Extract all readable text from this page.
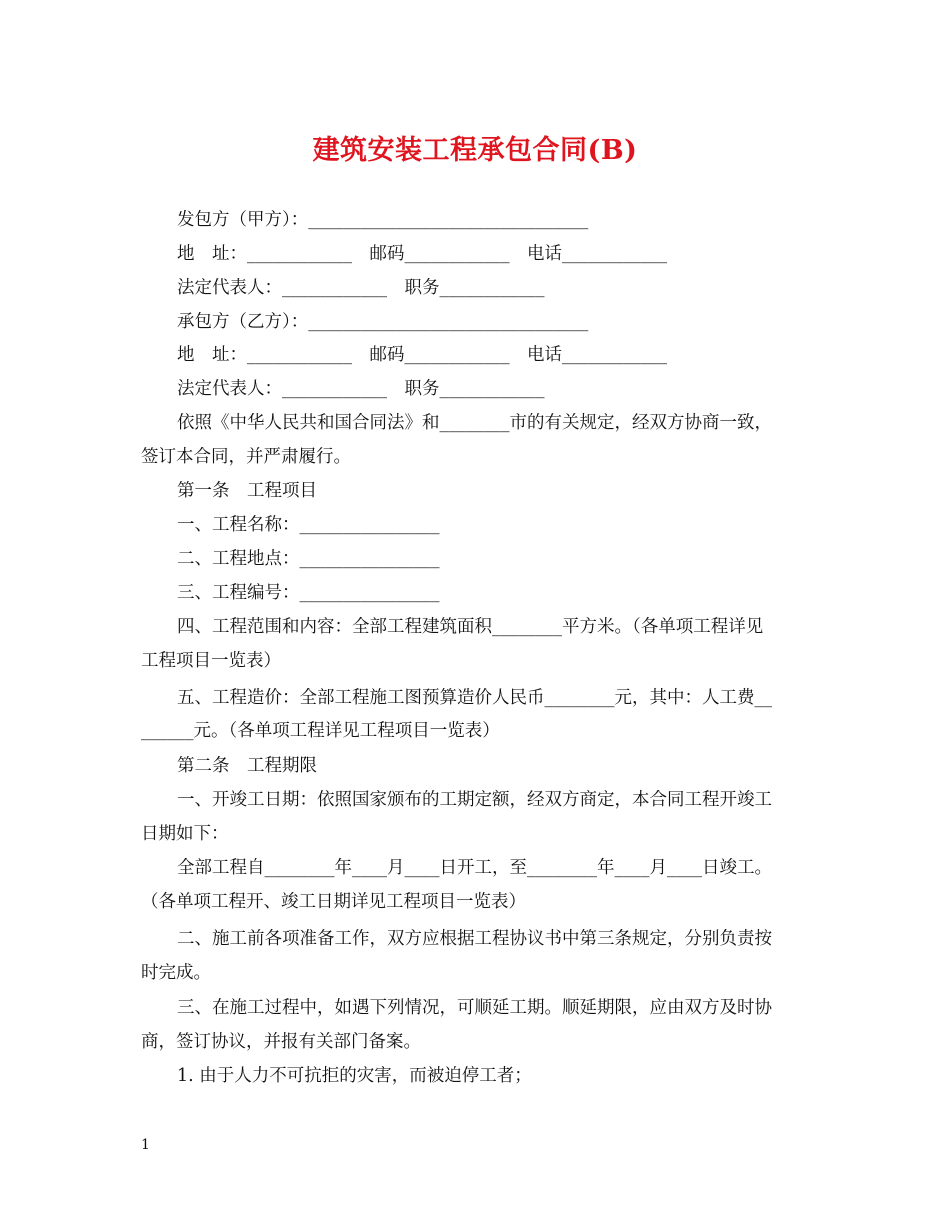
建筑安装工程承包合同(B)
发包方（甲方）：________________________________
地　址：____________　邮码____________　电话____________
法定代表人：____________　职务____________
承包方（乙方）：________________________________
地　址：____________　邮码____________　电话____________
法定代表人：____________　职务____________
依照《中华人民共和国合同法》和________市的有关规定，经双方协商一致，
签订本合同，并严肃履行。
第一条　工程项目
一、工程名称：________________
二、工程地点：________________
三、工程编号：________________
四、工程范围和内容：全部工程建筑面积________平方米。（各单项工程详见
工程项目一览表）
五、工程造价：全部工程施工图预算造价人民币________元，其中：人工费__
______元。（各单项工程详见工程项目一览表）
第二条　工程期限
一、开竣工日期：依照国家颁布的工期定额，经双方商定，本合同工程开竣工
日期如下：
全部工程自________年____月____日开工，至________年____月____日竣工。
（各单项工程开、竣工日期详见工程项目一览表）
二、施工前各项准备工作，双方应根据工程协议书中第三条规定，分别负责按
时完成。
三、在施工过程中，如遇下列情况，可顺延工期。顺延期限，应由双方及时协
商，签订协议，并报有关部门备案。
1. 由于人力不可抗拒的灾害，而被迫停工者；
1
